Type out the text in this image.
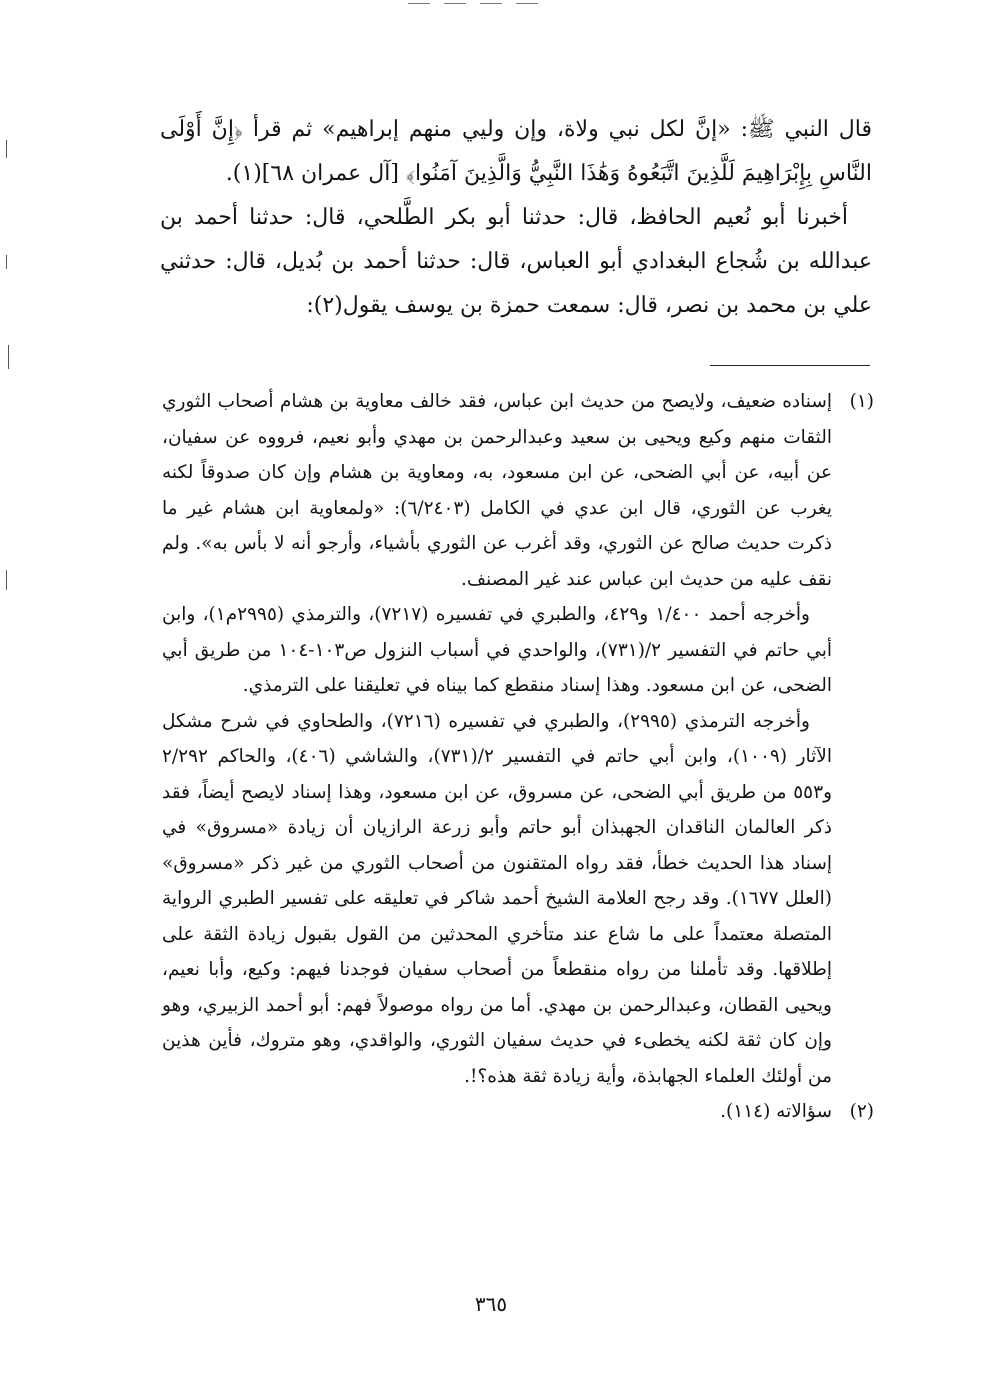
قال النبي ﷺ: «إنَّ لكل نبي ولاة، وإن وليي منهم إبراهيم» ثم قرأ ﴿إِنَّ أَوْلَى النَّاسِ بِإِبْرَاهِيمَ لَلَّذِينَ اتَّبَعُوهُ وَهَٰذَا النَّبِيُّ وَالَّذِينَ آمَنُوا﴾ [آل عمران ٦٨](١).

أخبرنا أبو نُعيم الحافظ، قال: حدثنا أبو بكر الطَّلحي، قال: حدثنا أحمد بن عبدالله بن شُجاع البغدادي أبو العباس، قال: حدثنا أحمد بن بُديل، قال: حدثني علي بن محمد بن نصر، قال: سمعت حمزة بن يوسف يقول(٢):

(١)

إسناده ضعيف، ولايصح من حديث ابن عباس، فقد خالف معاوية بن هشام أصحاب الثوري الثقات منهم وكيع ويحيى بن سعيد وعبدالرحمن بن مهدي وأبو نعيم، فرووه عن سفيان، عن أبيه، عن أبي الضحى، عن ابن مسعود، به، ومعاوية بن هشام وإن كان صدوقاً لكنه يغرب عن الثوري، قال ابن عدي في الكامل (٦/٢٤٠٣): «ولمعاوية ابن هشام غير ما ذكرت حديث صالح عن الثوري، وقد أغرب عن الثوري بأشياء، وأرجو أنه لا بأس به». ولم نقف عليه من حديث ابن عباس عند غير المصنف.

وأخرجه أحمد ١/٤٠٠ و٤٢٩، والطبري في تفسيره (٧٢١٧)، والترمذي (٢٩٩٥م١)، وابن أبي حاتم في التفسير ٢/(٧٣١)، والواحدي في أسباب النزول ص١٠٣-١٠٤ من طريق أبي الضحى، عن ابن مسعود. وهذا إسناد منقطع كما بيناه في تعليقنا على الترمذي.

وأخرجه الترمذي (٢٩٩٥)، والطبري في تفسيره (٧٢١٦)، والطحاوي في شرح مشكل الآثار (١٠٠٩)، وابن أبي حاتم في التفسير ٢/(٧٣١)، والشاشي (٤٠٦)، والحاكم ٢/٢٩٢ و٥٥٣ من طريق أبي الضحى، عن مسروق، عن ابن مسعود، وهذا إسناد لايصح أيضاً، فقد ذكر العالمان الناقدان الجهبذان أبو حاتم وأبو زرعة الرازيان أن زيادة «مسروق» في إسناد هذا الحديث خطأ، فقد رواه المتقنون من أصحاب الثوري من غير ذكر «مسروق» (العلل ١٦٧٧). وقد رجح العلامة الشيخ أحمد شاكر في تعليقه على تفسير الطبري الرواية المتصلة معتمداً على ما شاع عند متأخري المحدثين من القول بقبول زيادة الثقة على إطلاقها. وقد تأملنا من رواه منقطعاً من أصحاب سفيان فوجدنا فيهم: وكيع، وأبا نعيم، ويحيى القطان، وعبدالرحمن بن مهدي. أما من رواه موصولاً فهم: أبو أحمد الزبيري، وهو وإن كان ثقة لكنه يخطىء في حديث سفيان الثوري، والواقدي، وهو متروك، فأين هذين من أولئك العلماء الجهابذة، وأية زيادة ثقة هذه؟!.

(٢)

سؤالاته (١١٤).

٣٦٥
